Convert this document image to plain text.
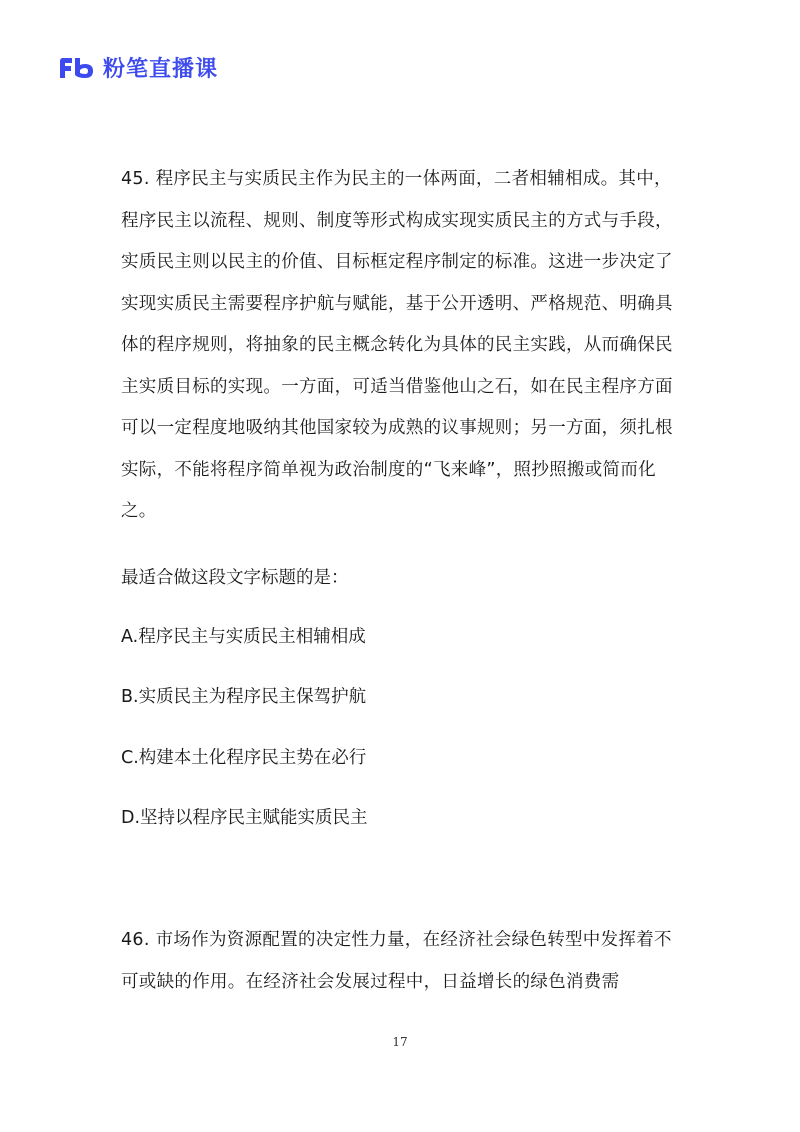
粉笔直播课

45. 程序民主与实质民主作为民主的一体两面，二者相辅相成。其中，程序民主以流程、规则、制度等形式构成实现实质民主的方式与手段，实质民主则以民主的价值、目标框定程序制定的标准。这进一步决定了实现实质民主需要程序护航与赋能，基于公开透明、严格规范、明确具体的程序规则，将抽象的民主概念转化为具体的民主实践，从而确保民主实质目标的实现。一方面，可适当借鉴他山之石，如在民主程序方面可以一定程度地吸纳其他国家较为成熟的议事规则；另一方面，须扎根实际，不能将程序简单视为政治制度的“飞来峰”，照抄照搬或简而化之。

最适合做这段文字标题的是：

A.程序民主与实质民主相辅相成

B.实质民主为程序民主保驾护航

C.构建本土化程序民主势在必行

D.坚持以程序民主赋能实质民主

46. 市场作为资源配置的决定性力量，在经济社会绿色转型中发挥着不可或缺的作用。在经济社会发展过程中，日益增长的绿色消费需

17
